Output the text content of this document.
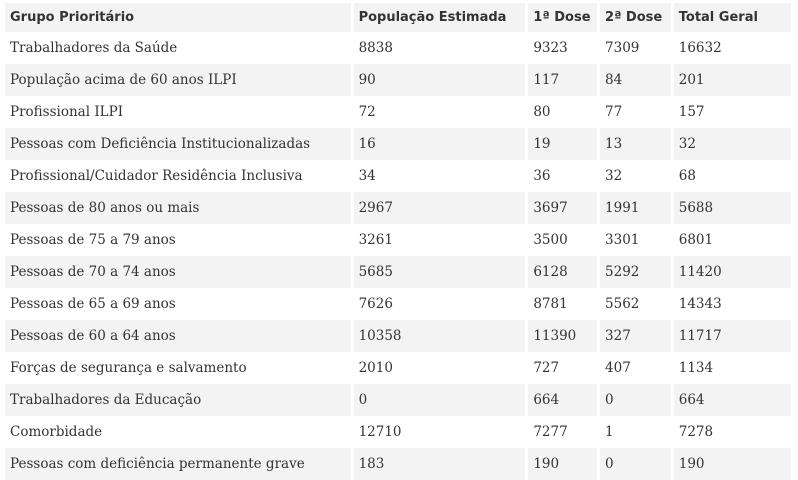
Grupo Prioritário	População Estimada	1ª Dose	2ª Dose	Total Geral
Trabalhadores da Saúde	8838	9323	7309	16632
População acima de 60 anos ILPI	90	117	84	201
Profissional ILPI	72	80	77	157
Pessoas com Deficiência Institucionalizadas	16	19	13	32
Profissional/Cuidador Residência Inclusiva	34	36	32	68
Pessoas de 80 anos ou mais	2967	3697	1991	5688
Pessoas de 75 a 79 anos	3261	3500	3301	6801
Pessoas de 70 a 74 anos	5685	6128	5292	11420
Pessoas de 65 a 69 anos	7626	8781	5562	14343
Pessoas de 60 a 64 anos	10358	11390	327	11717
Forças de segurança e salvamento	2010	727	407	1134
Trabalhadores da Educação	0	664	0	664
Comorbidade	12710	7277	1	7278
Pessoas com deficiência permanente grave	183	190	0	190
